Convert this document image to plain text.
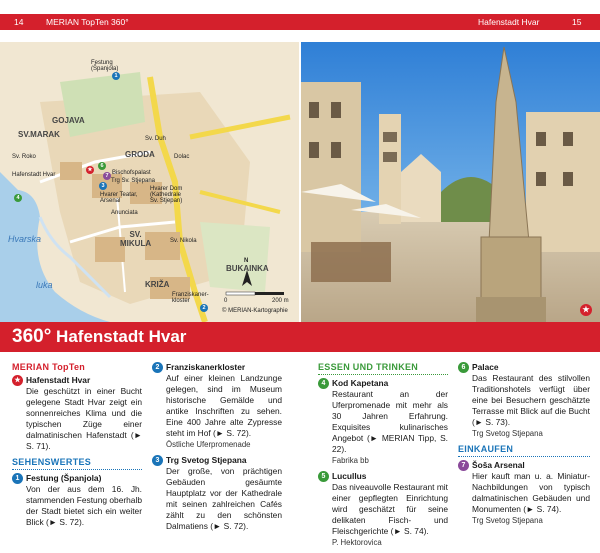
14	MERIAN TopTen 360°	Hafenstadt Hvar	15
Festung
(Španjola)
1
GOJAVA
SV.MARAK
GRODA
Sv. Roko
Sv. Duh
Trg Sv. Stjepana
Bischofspalast
Dolac
Hafenstadt Hvar
★
Hvarer Dom
(Kathedrale
Sv. Stjepan)
Hvarer Teatar,
Arsenal
3
7
4
6
Anunciata
SV.
MIKULA	Sv. Nikola
Hvarska
luka	KRIŽA
BUKAINKA
Franziskaner-
kloster
2
N
0	200 m
© MERIAN-Kartographie	★
360° Hafenstadt Hvar
MERIAN TopTen
★ Hafenstadt Hvar
Die geschützt in einer Bucht gelegene Stadt Hvar zeigt ein sonnenreiches Klima und die typischen Züge einer dalmatinischen Hafenstadt (► S. 71).
SEHENSWERTES
1 Festung (Španjola)
Von der aus dem 16. Jh. stammenden Festung oberhalb der Stadt bietet sich ein weiter Blick (► S. 72).
2 Franziskanerkloster
Auf einer kleinen Landzunge gelegen, sind im Museum historische Gemälde und antike Inschriften zu sehen. Eine 400 Jahre alte Zypresse steht im Hof (► S. 72).
Östliche Uferpromenade
3 Trg Svetog Stjepana
Der große, von prächtigen Gebäuden gesäumte Hauptplatz vor der Kathedrale mit seinen zahlreichen Cafés zählt zu den schönsten Dalmatiens (► S. 72).
ESSEN UND TRINKEN
4 Kod Kapetana
Restaurant an der Uferpromenade mit mehr als 30 Jahren Erfahrung. Exquisites kulinarisches Angebot (► MERIAN Tipp, S. 22).
Fabrika bb
5 Lucullus
Das niveauvolle Restaurant mit einer gepflegten Einrichtung wird geschätzt für seine delikaten Fisch- und Fleischgerichte (► S. 74).
P. Hektorovica
6 Palace
Das Restaurant des stilvollen Traditionshotels verfügt über eine bei Besuchern geschätzte Terrasse mit Blick auf die Bucht (► S. 73).
Trg Svetog Stjepana
EINKAUFEN
7 Šoša Arsenal
Hier kauft man u. a. Miniatur-Nachbildungen von typisch dalmatinischen Gebäuden und Monumenten (► S. 74).
Trg Svetog Stjepana
